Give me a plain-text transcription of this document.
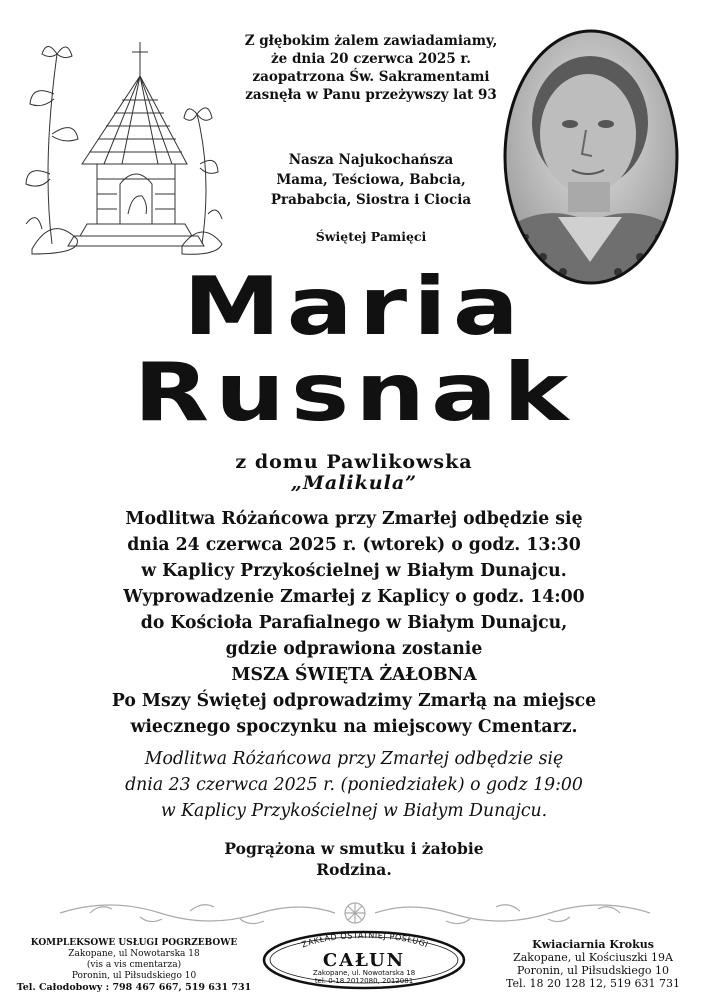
Z głębokim żalem zawiadamiamy,
że dnia 20 czerwca 2025 r.
zaopatrzona Św. Sakramentami
zasnęła w Panu przeżywszy lat 93
Nasza Najukochańsza
Mama, Teściowa, Babcia,
Prababcia, Siostra i Ciocia
Świętej Pamięci
Maria
Rusnak
z domu Pawlikowska
„Malikula”
Modlitwa Różańcowa przy Zmarłej odbędzie się
dnia 24 czerwca 2025 r. (wtorek) o godz. 13:30
w Kaplicy Przykościelnej w Białym Dunajcu.
Wyprowadzenie Zmarłej z Kaplicy o godz. 14:00
do Kościoła Parafialnego w Białym Dunajcu,
gdzie odprawiona zostanie
MSZA ŚWIĘTA ŻAŁOBNA
Po Mszy Świętej odprowadzimy Zmarłą na miejsce
wiecznego spoczynku na miejscowy Cmentarz.
Modlitwa Różańcowa przy Zmarłej odbędzie się
dnia 23 czerwca 2025 r. (poniedziałek) o godz 19:00
w Kaplicy Przykościelnej w Białym Dunajcu.
Pogrążona w smutku i żałobie
Rodzina.
KOMPLEKSOWE USŁUGI POGRZEBOWE
Zakopane, ul Nowotarska 18
(vis a vis cmentarza)
Poronin, ul Piłsudskiego 10
Tel. Całodobowy : 798 467 667, 519 631 731
ZAKŁAD OSTATNIEJ POSŁUGI
CAŁUN
Zakopane, ul. Nowotarska 18
tel. 0-18 2012080, 2012081
Kwiaciarnia Krokus
Zakopane, ul Kościuszki 19A
Poronin, ul Piłsudskiego 10
Tel. 18 20 128 12, 519 631 731
